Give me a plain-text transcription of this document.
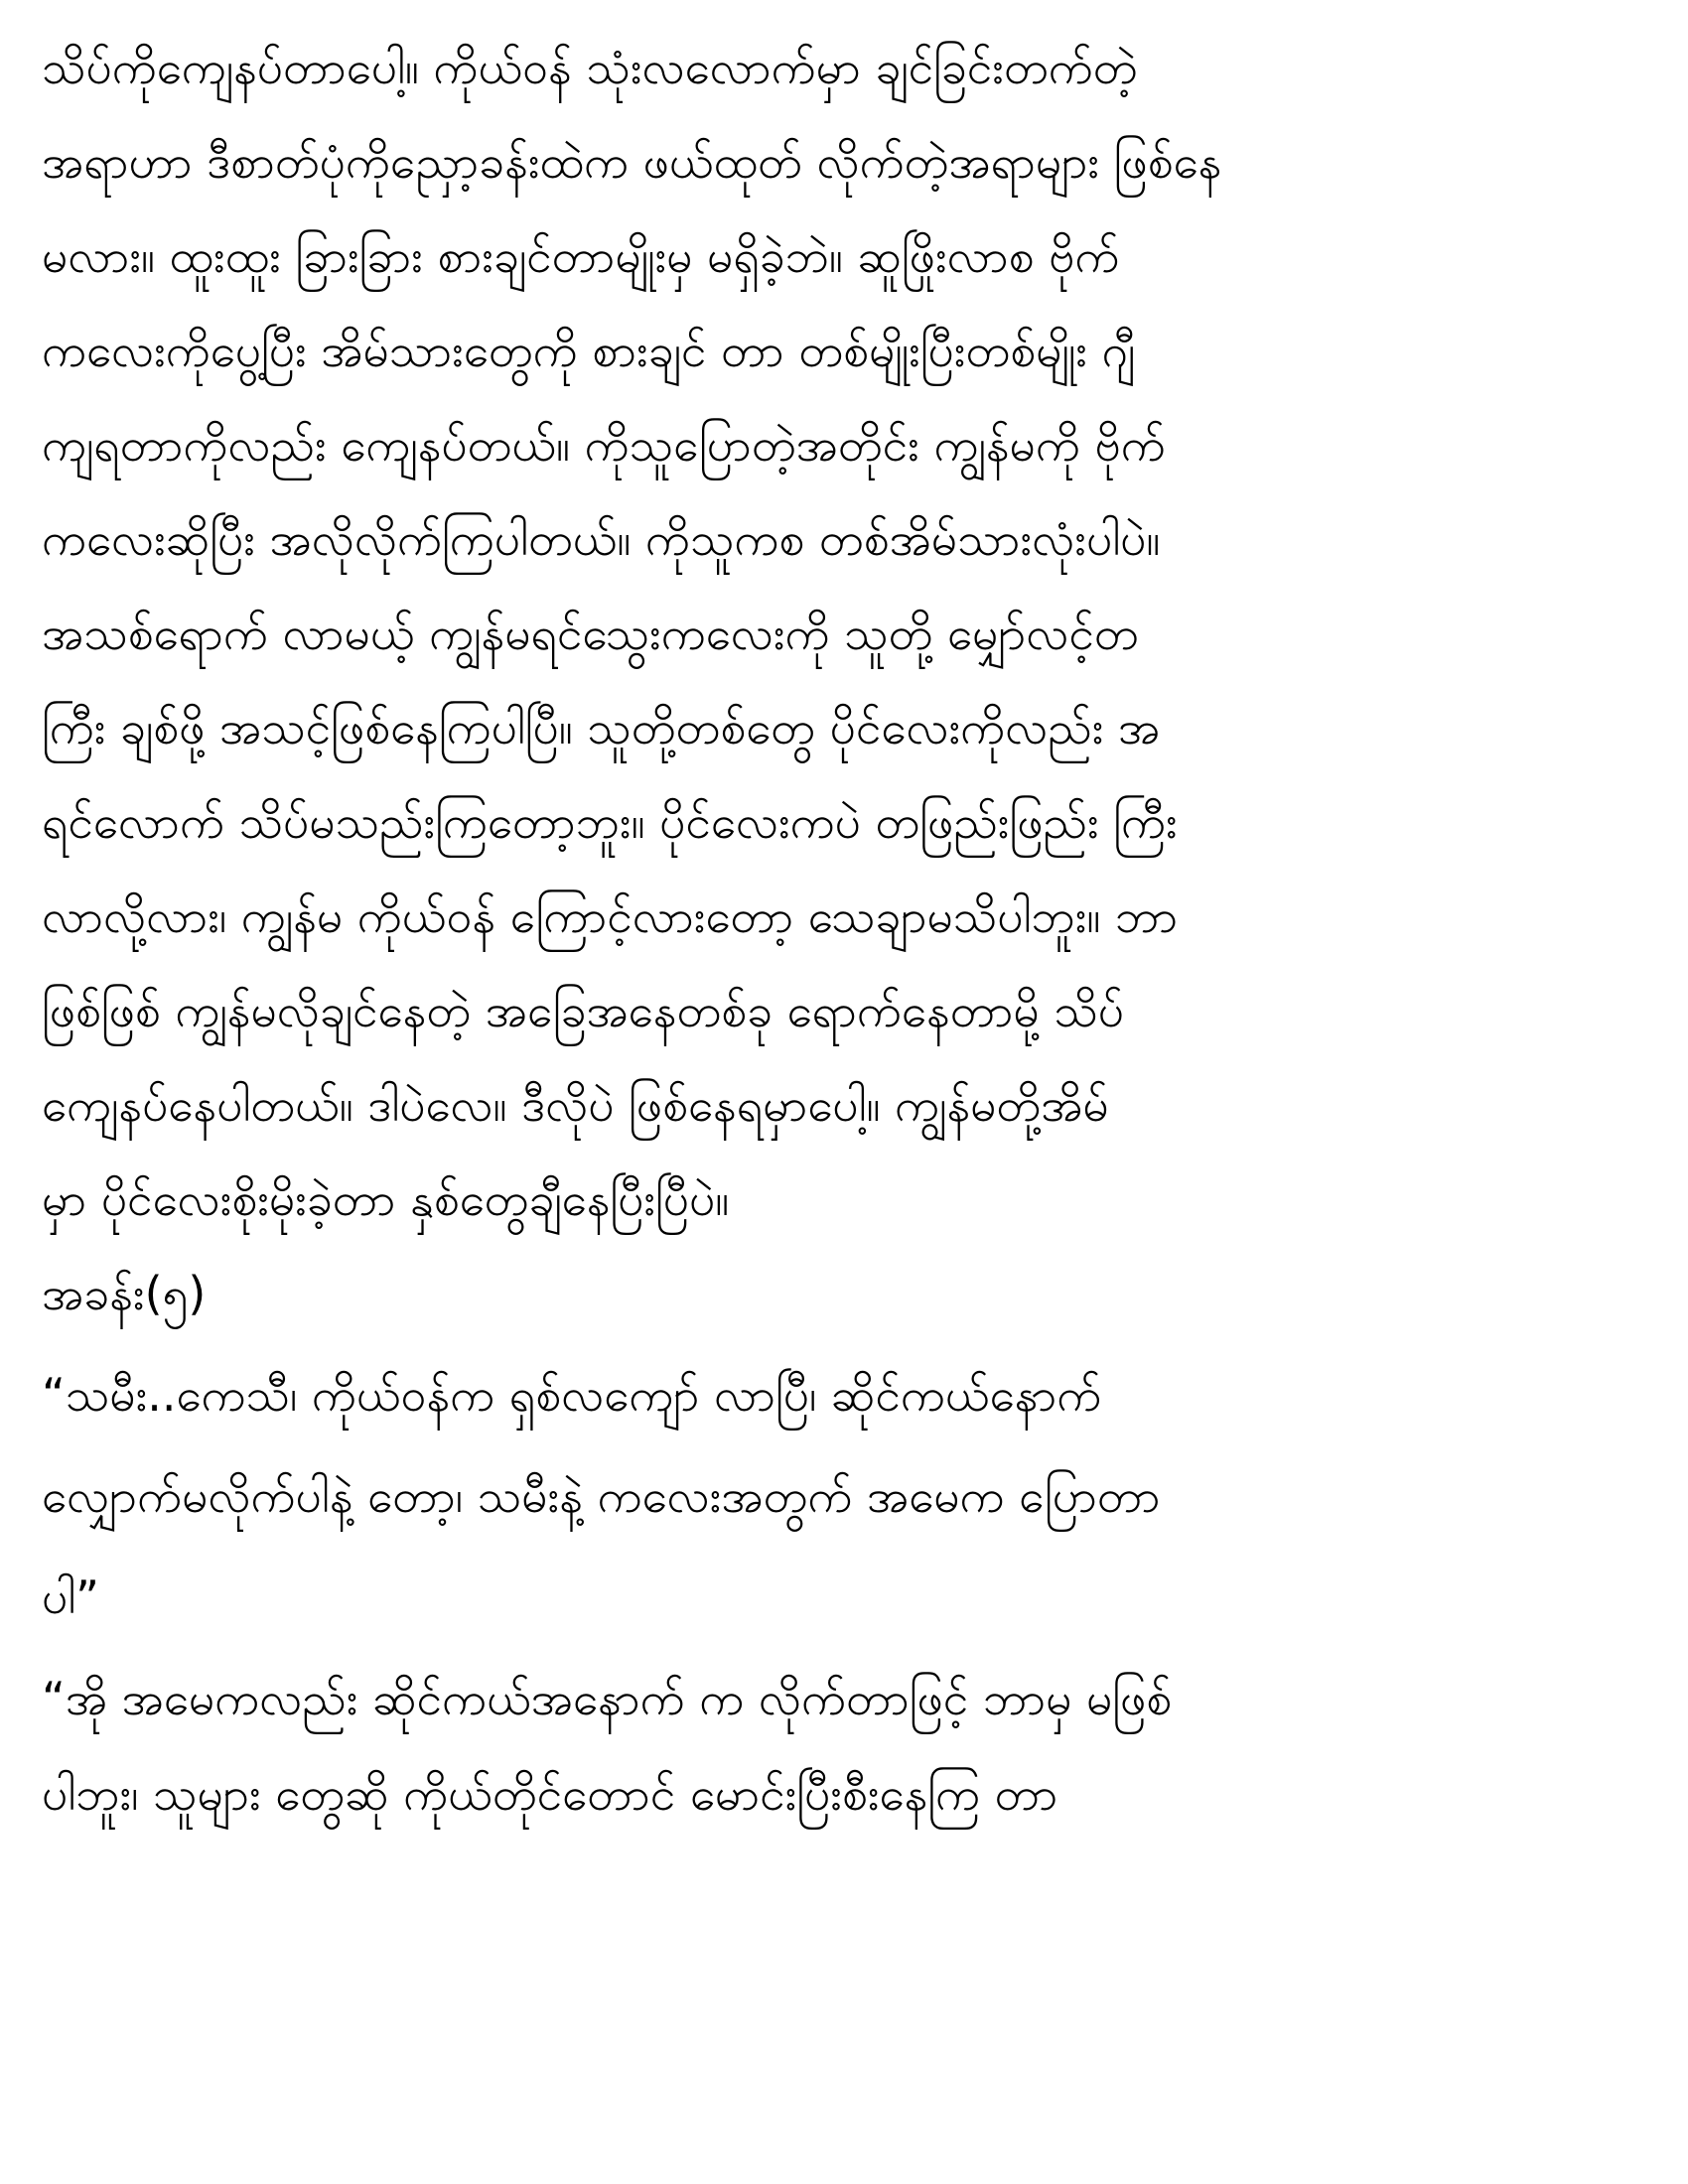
သိပ်ကိုကျေနပ်တာပေါ့။ ကိုယ်ဝန် သုံးလလောက်မှာ ချင်ခြင်းတက်တဲ့
အရာဟာ ဒီစာတ်ပုံကိုညှော့ခန်းထဲက ဖယ်ထုတ် လိုက်တဲ့အရာများ ဖြစ်နေ
မလား။ ထူးထူး ခြားခြား စားချင်တာမျိုးမှ မရှိခဲ့ဘဲ။ ဆူဖြိုးလာစ ဗိုက်
ကလေးကိုပွေ့ပြီး အိမ်သားတွေကို စားချင် တာ တစ်မျိုးပြီးတစ်မျိုး ဂျီ
ကျရတာကိုလည်း ကျေနပ်တယ်။ ကိုသူပြောတဲ့အတိုင်း ကျွန်မကို ဗိုက်
ကလေးဆိုပြီး အလိုလိုက်ကြပါတယ်။ ကိုသူကစ တစ်အိမ်သားလုံးပါပဲ။
အသစ်ရောက် လာမယ့် ကျွန်မရင်သွေးကလေးကို သူတို့ မျှော်လင့်တ
ကြီး ချစ်ဖို့ အသင့်ဖြစ်နေကြပါပြီ။ သူတို့တစ်တွေ ပိုင်လေးကိုလည်း အ
ရင်လောက် သိပ်မသည်းကြတော့ဘူး။ ပိုင်လေးကပဲ တဖြည်းဖြည်း ကြီး
လာလို့လား၊ ကျွန်မ ကိုယ်ဝန် ကြောင့်လားတော့ သေချာမသိပါဘူး။ ဘာ
ဖြစ်ဖြစ် ကျွန်မလိုချင်နေတဲ့ အခြေအနေတစ်ခု ရောက်နေတာမို့ သိပ်
ကျေနပ်နေပါတယ်။ ဒါပဲလေ။ ဒီလိုပဲ ဖြစ်နေရမှာပေါ့။ ကျွန်မတို့အိမ်
မှာ ပိုင်လေးစိုးမိုးခဲ့တာ နှစ်တွေချီနေပြီးပြီပဲ။
အခန်း(၅)
“သမီး..ကေသီ၊ ကိုယ်ဝန်က ရှစ်လကျော် လာပြီ၊ ဆိုင်ကယ်နောက်
လျှောက်မလိုက်ပါနဲ့ တော့၊ သမီးနဲ့ ကလေးအတွက် အမေက ပြောတာ
ပါ”
“အို အမေကလည်း ဆိုင်ကယ်အနောက် က လိုက်တာဖြင့် ဘာမှ မဖြစ်
ပါဘူး၊ သူများ တွေဆို ကိုယ်တိုင်တောင် မောင်းပြီးစီးနေကြ တာ
